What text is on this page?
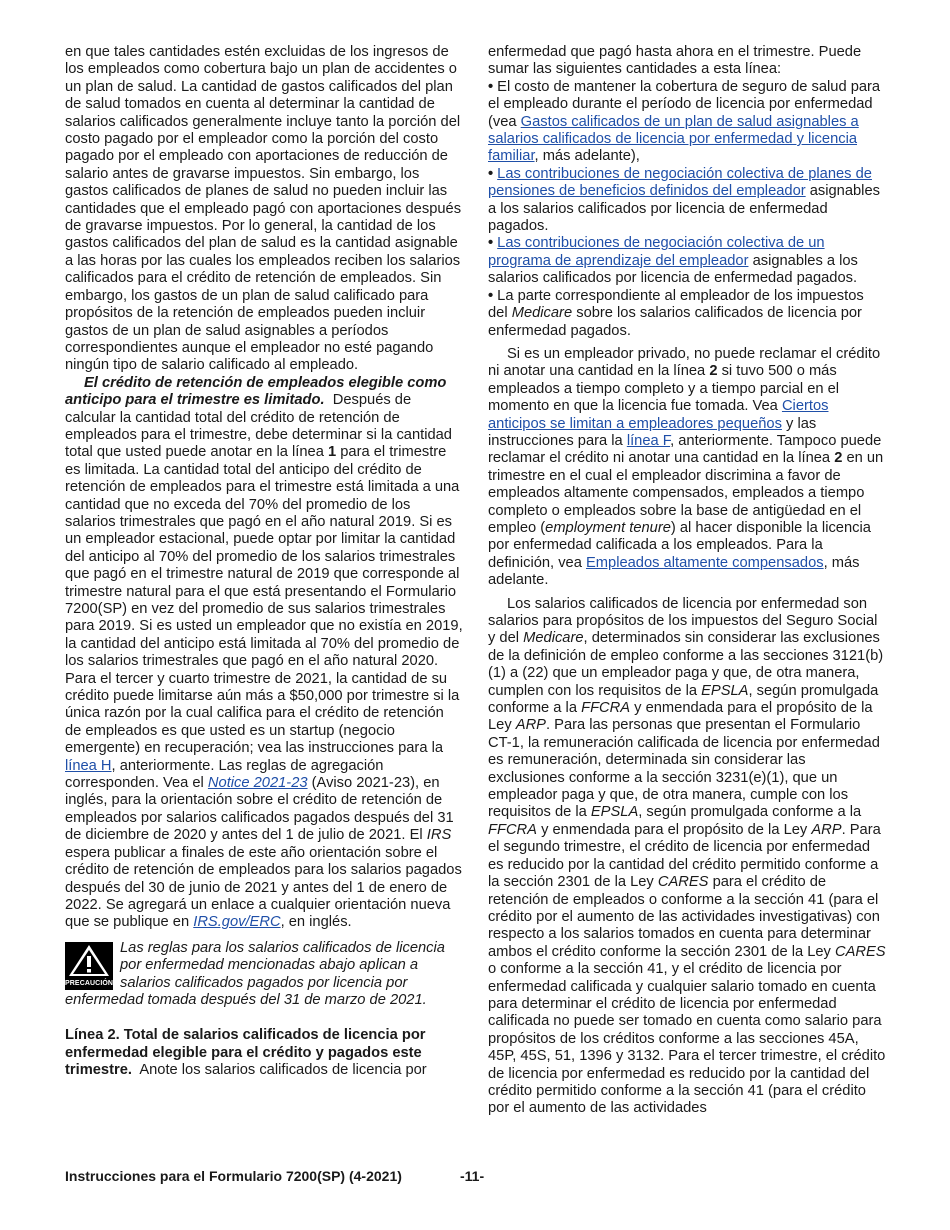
en que tales cantidades estén excluidas de los ingresos de los empleados como cobertura bajo un plan de accidentes o un plan de salud. La cantidad de gastos calificados del plan de salud tomados en cuenta al determinar la cantidad de salarios calificados generalmente incluye tanto la porción del costo pagado por el empleador como la porción del costo pagado por el empleado con aportaciones de reducción de salario antes de gravarse impuestos. Sin embargo, los gastos calificados de planes de salud no pueden incluir las cantidades que el empleado pagó con aportaciones después de gravarse impuestos. Por lo general, la cantidad de los gastos calificados del plan de salud es la cantidad asignable a las horas por las cuales los empleados reciben los salarios calificados para el crédito de retención de empleados. Sin embargo, los gastos de un plan de salud calificado para propósitos de la retención de empleados pueden incluir gastos de un plan de salud asignables a períodos correspondientes aunque el empleador no esté pagando ningún tipo de salario calificado al empleado.

El crédito de retención de empleados elegible como anticipo para el trimestre es limitado. Después de calcular la cantidad total del crédito de retención de empleados para el trimestre, debe determinar si la cantidad total que usted puede anotar en la línea 1 para el trimestre es limitada. La cantidad total del anticipo del crédito de retención de empleados para el trimestre está limitada a una cantidad que no exceda del 70% del promedio de los salarios trimestrales que pagó en el año natural 2019. Si es un empleador estacional, puede optar por limitar la cantidad del anticipo al 70% del promedio de los salarios trimestrales que pagó en el trimestre natural de 2019 que corresponde al trimestre natural para el que está presentando el Formulario 7200(SP) en vez del promedio de sus salarios trimestrales para 2019. Si es usted un empleador que no existía en 2019, la cantidad del anticipo está limitada al 70% del promedio de los salarios trimestrales que pagó en el año natural 2020. Para el tercer y cuarto trimestre de 2021, la cantidad de su crédito puede limitarse aún más a $50,000 por trimestre si la única razón por la cual califica para el crédito de retención de empleados es que usted es un startup (negocio emergente) en recuperación; vea las instrucciones para la línea H, anteriormente. Las reglas de agregación corresponden. Vea el Notice 2021-23 (Aviso 2021-23), en inglés, para la orientación sobre el crédito de retención de empleados por salarios calificados pagados después del 31 de diciembre de 2020 y antes del 1 de julio de 2021. El IRS espera publicar a finales de este año orientación sobre el crédito de retención de empleados para los salarios pagados después del 30 de junio de 2021 y antes del 1 de enero de 2022. Se agregará un enlace a cualquier orientación nueva que se publique en IRS.gov/ERC, en inglés.

PRECAUCIÓN

Las reglas para los salarios calificados de licencia por enfermedad mencionadas abajo aplican a salarios calificados pagados por licencia por enfermedad tomada después del 31 de marzo de 2021.

Línea 2. Total de salarios calificados de licencia por enfermedad elegible para el crédito y pagados este trimestre. Anote los salarios calificados de licencia por

enfermedad que pagó hasta ahora en el trimestre. Puede sumar las siguientes cantidades a esta línea:

• El costo de mantener la cobertura de seguro de salud para el empleado durante el período de licencia por enfermedad (vea Gastos calificados de un plan de salud asignables a salarios calificados de licencia por enfermedad y licencia familiar, más adelante),

• Las contribuciones de negociación colectiva de planes de pensiones de beneficios definidos del empleador asignables a los salarios calificados por licencia de enfermedad pagados.

• Las contribuciones de negociación colectiva de un programa de aprendizaje del empleador asignables a los salarios calificados por licencia de enfermedad pagados.

• La parte correspondiente al empleador de los impuestos del Medicare sobre los salarios calificados de licencia por enfermedad pagados.

Si es un empleador privado, no puede reclamar el crédito ni anotar una cantidad en la línea 2 si tuvo 500 o más empleados a tiempo completo y a tiempo parcial en el momento en que la licencia fue tomada. Vea Ciertos anticipos se limitan a empleadores pequeños y las instrucciones para la línea F, anteriormente. Tampoco puede reclamar el crédito ni anotar una cantidad en la línea 2 en un trimestre en el cual el empleador discrimina a favor de empleados altamente compensados, empleados a tiempo completo o empleados sobre la base de antigüedad en el empleo (employment tenure) al hacer disponible la licencia por enfermedad calificada a los empleados. Para la definición, vea Empleados altamente compensados, más adelante.

Los salarios calificados de licencia por enfermedad son salarios para propósitos de los impuestos del Seguro Social y del Medicare, determinados sin considerar las exclusiones de la definición de empleo conforme a las secciones 3121(b)(1) a (22) que un empleador paga y que, de otra manera, cumplen con los requisitos de la EPSLA, según promulgada conforme a la FFCRA y enmendada para el propósito de la Ley ARP. Para las personas que presentan el Formulario CT-1, la remuneración calificada de licencia por enfermedad es remuneración, determinada sin considerar las exclusiones conforme a la sección 3231(e)(1), que un empleador paga y que, de otra manera, cumple con los requisitos de la EPSLA, según promulgada conforme a la FFCRA y enmendada para el propósito de la Ley ARP. Para el segundo trimestre, el crédito de licencia por enfermedad es reducido por la cantidad del crédito permitido conforme a la sección 2301 de la Ley CARES para el crédito de retención de empleados o conforme a la sección 41 (para el crédito por el aumento de las actividades investigativas) con respecto a los salarios tomados en cuenta para determinar ambos el crédito conforme la sección 2301 de la Ley CARES o conforme a la sección 41, y el crédito de licencia por enfermedad calificada y cualquier salario tomado en cuenta para determinar el crédito de licencia por enfermedad calificada no puede ser tomado en cuenta como salario para propósitos de los créditos conforme a las secciones 45A, 45P, 45S, 51, 1396 y 3132. Para el tercer trimestre, el crédito de licencia por enfermedad es reducido por la cantidad del crédito permitido conforme a la sección 41 (para el crédito por el aumento de las actividades

Instrucciones para el Formulario 7200(SP) (4-2021)	-11-
